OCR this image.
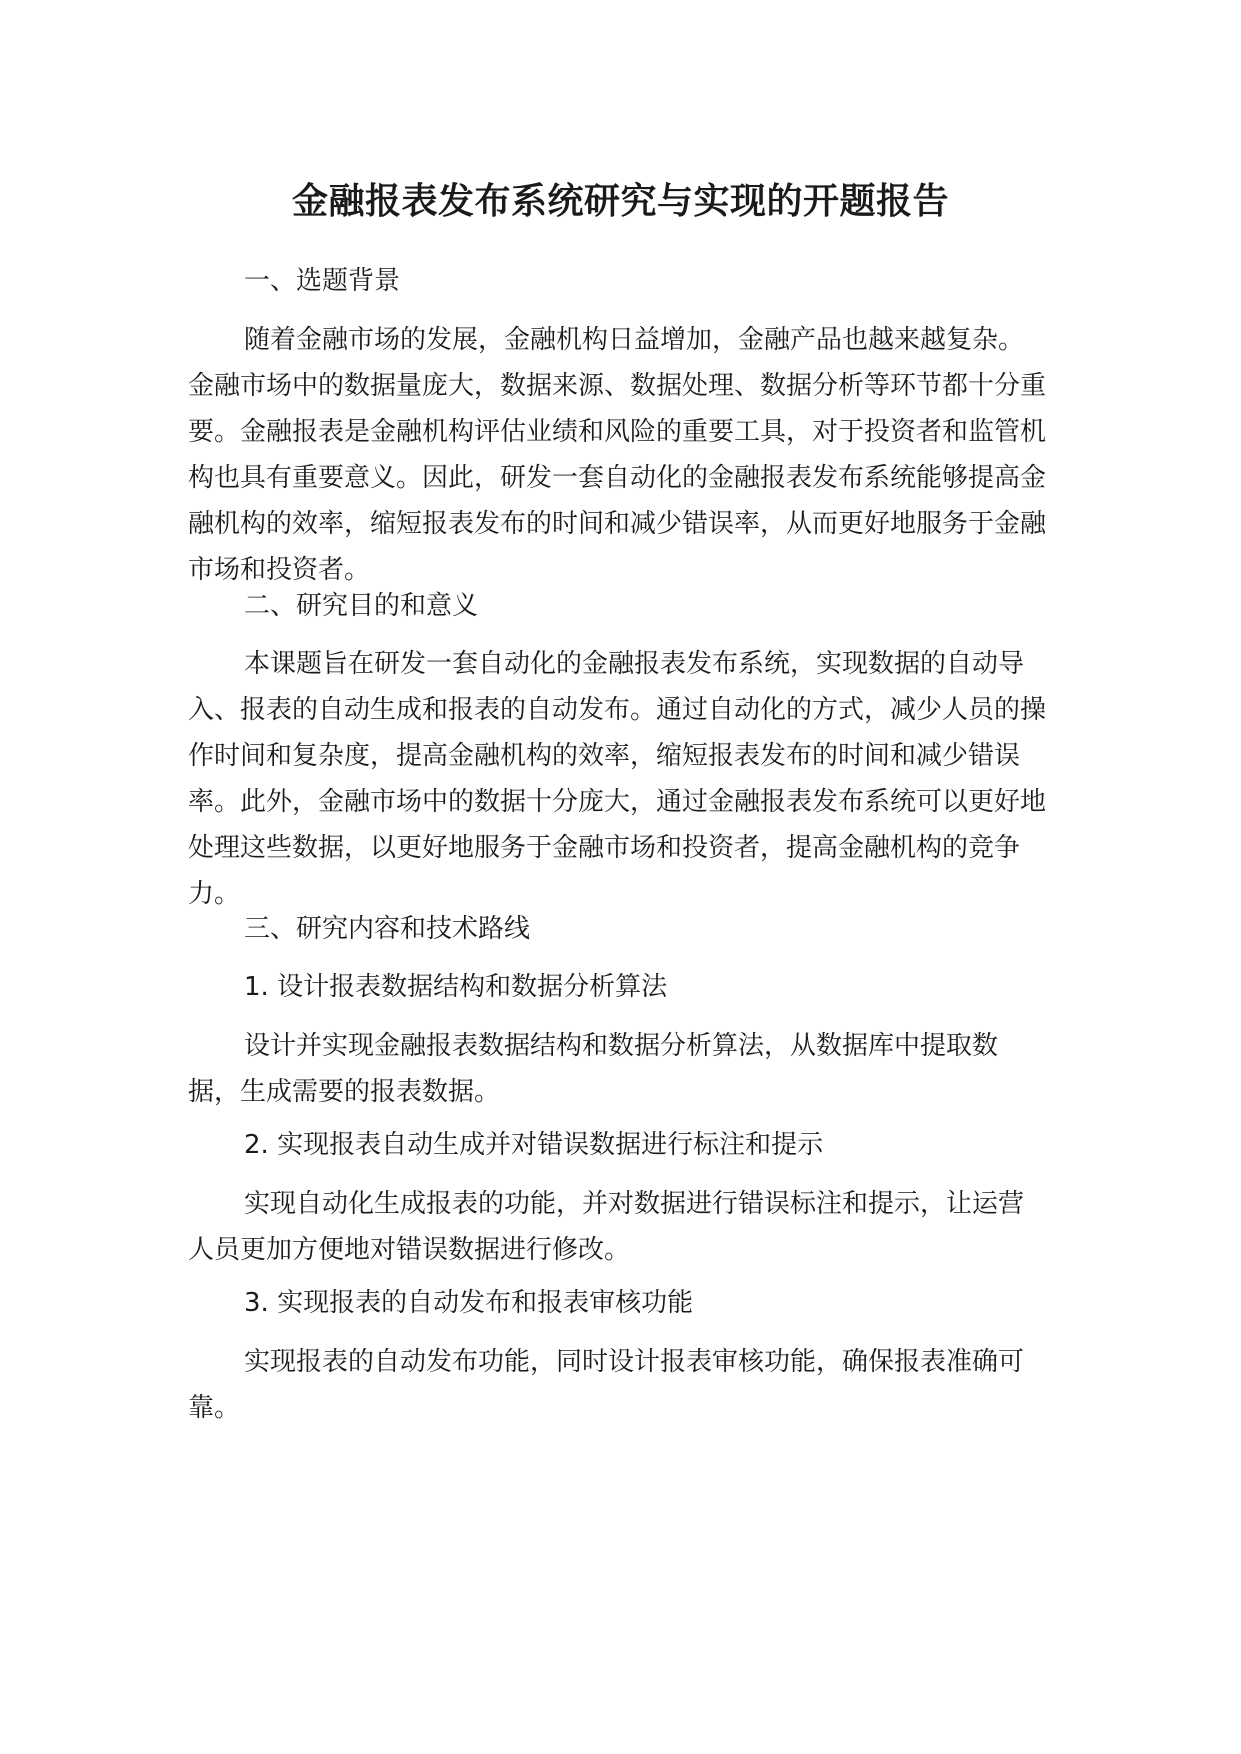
金融报表发布系统研究与实现的开题报告
一、选题背景
随着金融市场的发展，金融机构日益增加，金融产品也越来越复杂。金融市场中的数据量庞大，数据来源、数据处理、数据分析等环节都十分重要。金融报表是金融机构评估业绩和风险的重要工具，对于投资者和监管机构也具有重要意义。因此，研发一套自动化的金融报表发布系统能够提高金融机构的效率，缩短报表发布的时间和减少错误率，从而更好地服务于金融市场和投资者。
二、研究目的和意义
本课题旨在研发一套自动化的金融报表发布系统，实现数据的自动导入、报表的自动生成和报表的自动发布。通过自动化的方式，减少人员的操作时间和复杂度，提高金融机构的效率，缩短报表发布的时间和减少错误率。此外，金融市场中的数据十分庞大，通过金融报表发布系统可以更好地处理这些数据，以更好地服务于金融市场和投资者，提高金融机构的竞争力。
三、研究内容和技术路线
1. 设计报表数据结构和数据分析算法
设计并实现金融报表数据结构和数据分析算法，从数据库中提取数据，生成需要的报表数据。
2. 实现报表自动生成并对错误数据进行标注和提示
实现自动化生成报表的功能，并对数据进行错误标注和提示，让运营人员更加方便地对错误数据进行修改。
3. 实现报表的自动发布和报表审核功能
实现报表的自动发布功能，同时设计报表审核功能，确保报表准确可靠。
